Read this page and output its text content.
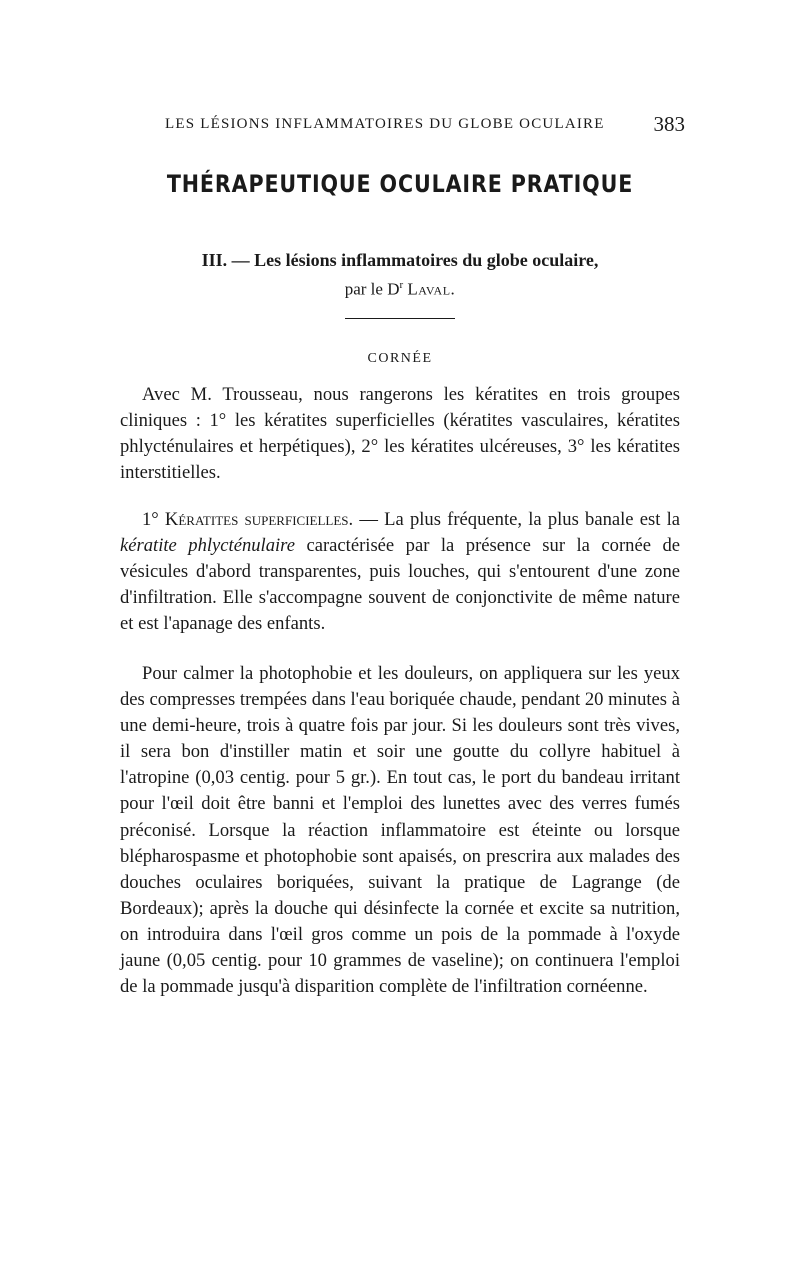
LES LÉSIONS INFLAMMATOIRES DU GLOBE OCULAIRE 383
THÉRAPEUTIQUE OCULAIRE PRATIQUE
III. — Les lésions inflammatoires du globe oculaire,
par le $D^r$ Laval.
CORNÉE

Avec M. Trousseau, nous rangerons les kératites en trois groupes cliniques : 1° les kératites superficielles (kératites vasculaires, kératites phlycténulaires et herpétiques), 2° les kératites ulcéreuses, 3° les kératites interstitielles.

1° Kératites superficielles. — La plus fréquente, la plus banale est la kératite phlycténulaire caractérisée par la présence sur la cornée de vésicules d'abord transparentes, puis louches, qui s'entourent d'une zone d'infiltration. Elle s'accompagne souvent de conjonctivite de même nature et est l'apanage des enfants.

Pour calmer la photophobie et les douleurs, on appliquera sur les yeux des compresses trempées dans l'eau boriquée chaude, pendant 20 minutes à une demi-heure, trois à quatre fois par jour. Si les douleurs sont très vives, il sera bon d'instiller matin et soir une goutte du collyre habituel à l'atropine (0,03 centig. pour 5 gr.). En tout cas, le port du bandeau irritant pour l'œil doit être banni et l'emploi des lunettes avec des verres fumés préconisé. Lorsque la réaction inflammatoire est éteinte ou lorsque blépharospasme et photophobie sont apaisés, on prescrira aux malades des douches oculaires boriquées, suivant la pratique de Lagrange (de Bordeaux); après la douche qui désinfecte la cornée et excite sa nutrition, on introduira dans l'œil gros comme un pois de la pommade à l'oxyde jaune (0,05 centig. pour 10 grammes de vaseline); on continuera l'emploi de la pommade jusqu'à disparition complète de l'infiltration cornéenne.
